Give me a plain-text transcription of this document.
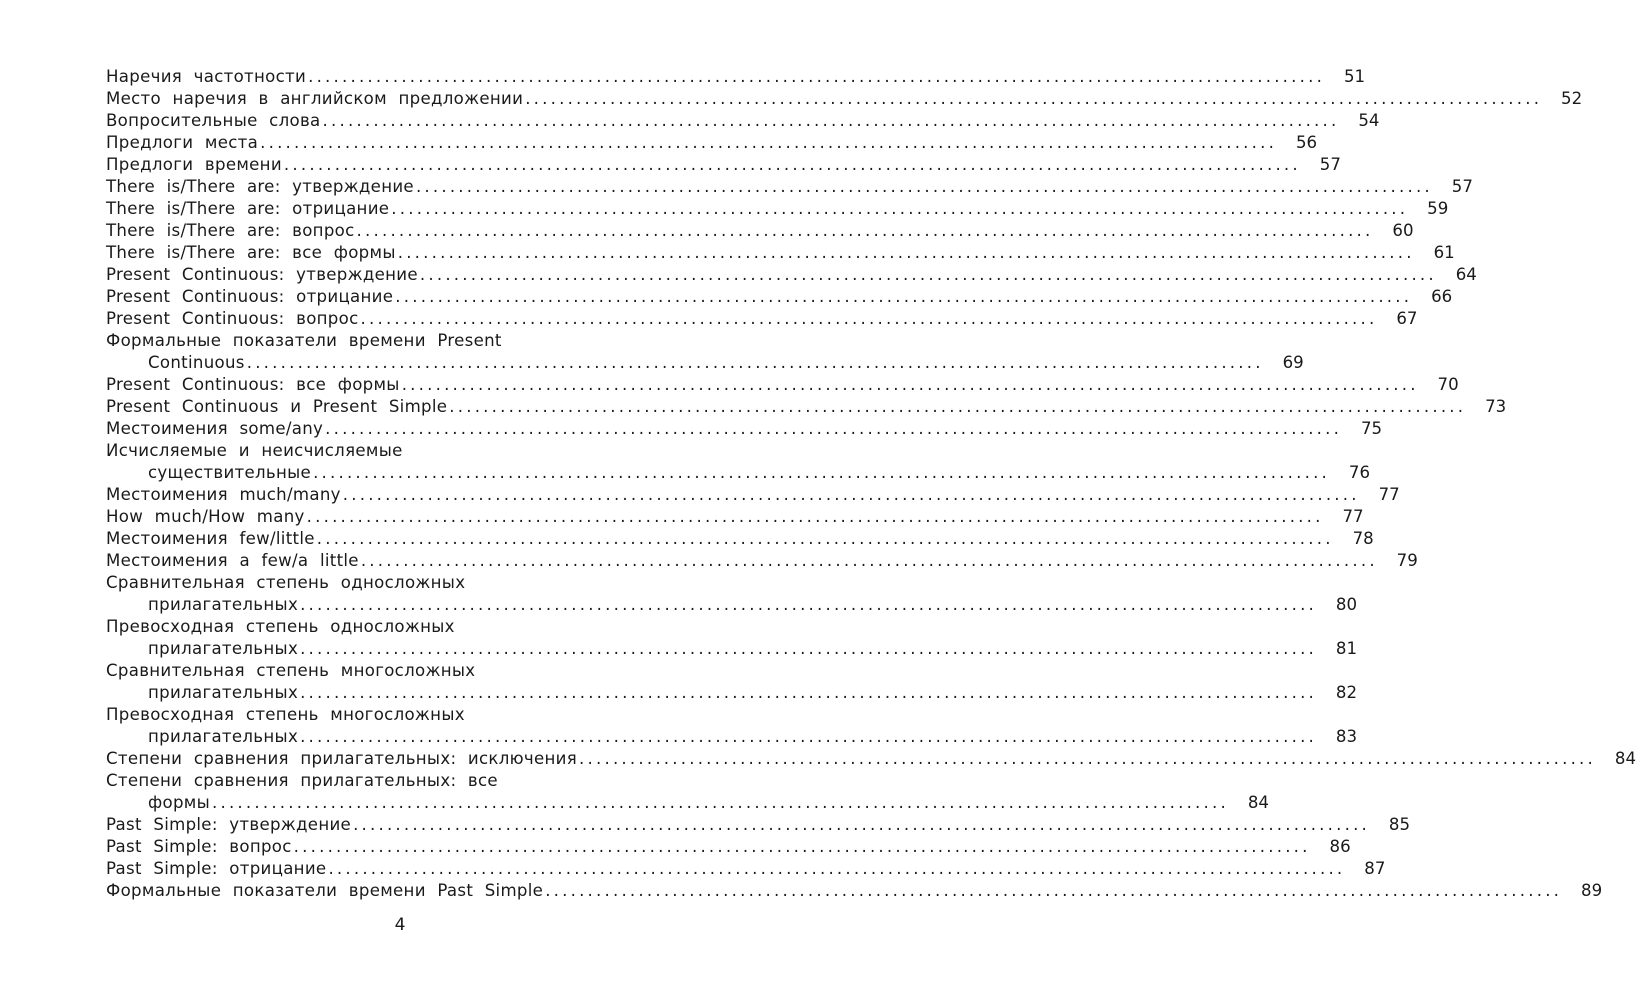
Наречия частотности ........................................................................................................................	51
Место наречия в английском предложении ........................................................................................................................	52
Вопросительные слова ........................................................................................................................	54
Предлоги места ........................................................................................................................	56
Предлоги времени ........................................................................................................................	57
There is/There are: утверждение ........................................................................................................................	57
There is/There are: отрицание ........................................................................................................................	59
There is/There are: вопрос ........................................................................................................................	60
There is/There are: все формы ........................................................................................................................	61
Present Continuous: утверждение ........................................................................................................................	64
Present Continuous: отрицание ........................................................................................................................	66
Present Continuous: вопрос ........................................................................................................................	67
Формальные показатели времени Present
Continuous ........................................................................................................................	69
Present Continuous: все формы ........................................................................................................................	70
Present Continuous и Present Simple ........................................................................................................................	73
Местоимения some/any ........................................................................................................................	75
Исчисляемые и неисчисляемые
существительные ........................................................................................................................	76
Местоимения much/many ........................................................................................................................	77
How much/How many ........................................................................................................................	77
Местоимения few/little ........................................................................................................................	78
Местоимения a few/a little ........................................................................................................................	79
Сравнительная степень односложных
прилагательных ........................................................................................................................	80
Превосходная степень односложных
прилагательных ........................................................................................................................	81
Сравнительная степень многосложных
прилагательных ........................................................................................................................	82
Превосходная степень многосложных
прилагательных ........................................................................................................................	83
Степени сравнения прилагательных: исключения ........................................................................................................................	84
Степени сравнения прилагательных: все
формы ........................................................................................................................	84
Past Simple: утверждение ........................................................................................................................	85
Past Simple: вопрос ........................................................................................................................	86
Past Simple: отрицание ........................................................................................................................	87
Формальные показатели времени Past Simple ........................................................................................................................	89
4
